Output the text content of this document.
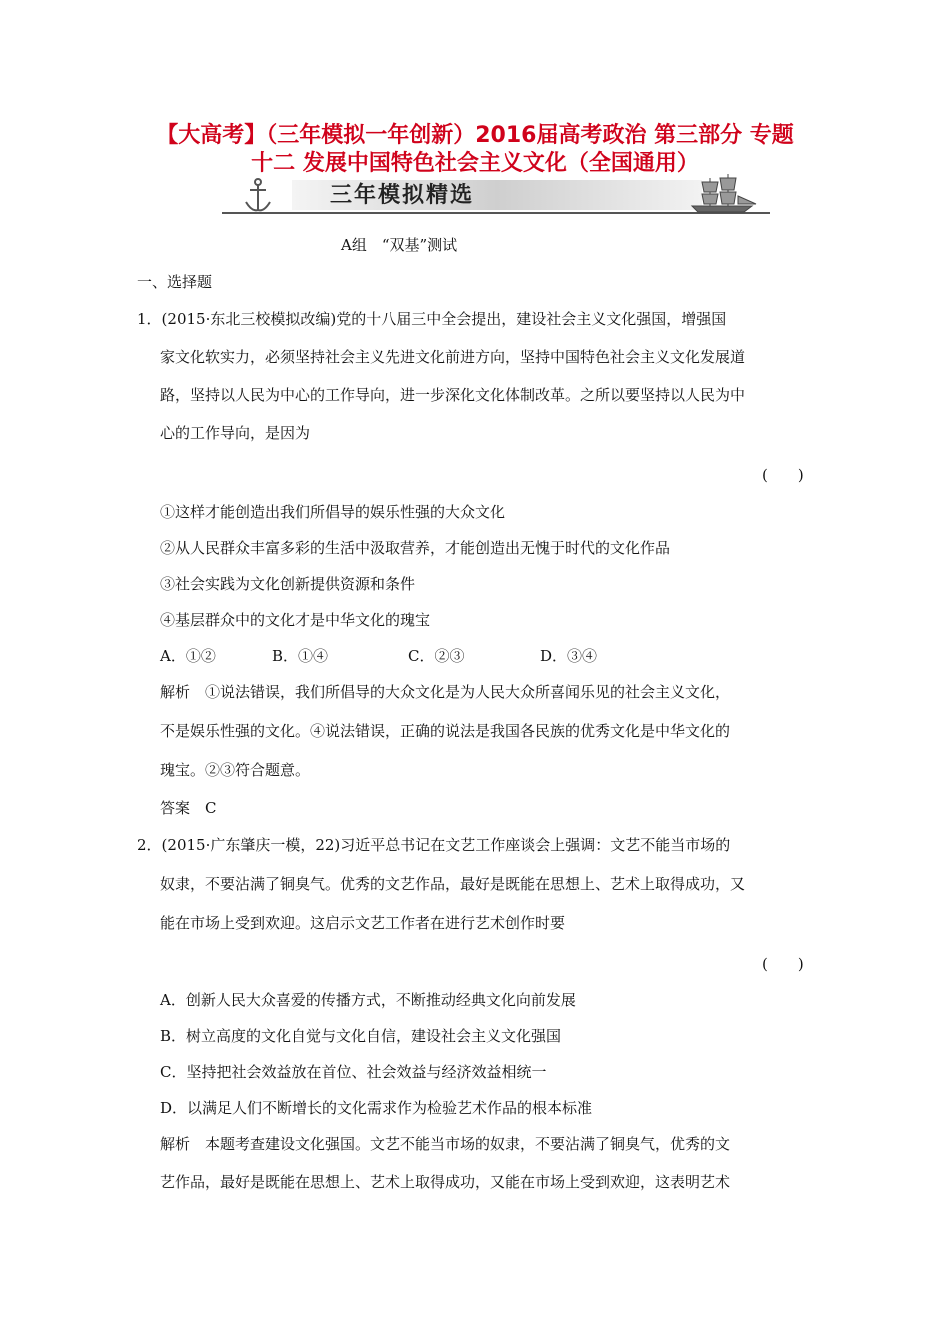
【大高考】（三年模拟一年创新）2016届高考政治 第三部分 专题
十二 发展中国特色社会主义文化（全国通用）
三年模拟精选
A组　“双基”测试
一、选择题
1．(2015·东北三校模拟改编)党的十八届三中全会提出，建设社会主义文化强国，增强国
家文化软实力，必须坚持社会主义先进文化前进方向，坚持中国特色社会主义文化发展道
路，坚持以人民为中心的工作导向，进一步深化文化体制改革。之所以要坚持以人民为中
心的工作导向，是因为
(　　)
①这样才能创造出我们所倡导的娱乐性强的大众文化
②从人民群众丰富多彩的生活中汲取营养，才能创造出无愧于时代的文化作品
③社会实践为文化创新提供资源和条件
④基层群众中的文化才是中华文化的瑰宝
A．①②	B．①④	C．②③	D．③④
解析　①说法错误，我们所倡导的大众文化是为人民大众所喜闻乐见的社会主义文化，
不是娱乐性强的文化。④说法错误，正确的说法是我国各民族的优秀文化是中华文化的
瑰宝。②③符合题意。
答案　C
2．(2015·广东肇庆一模，22)习近平总书记在文艺工作座谈会上强调：文艺不能当市场的
奴隶，不要沾满了铜臭气。优秀的文艺作品，最好是既能在思想上、艺术上取得成功，又
能在市场上受到欢迎。这启示文艺工作者在进行艺术创作时要
(　　)
A．创新人民大众喜爱的传播方式，不断推动经典文化向前发展
B．树立高度的文化自觉与文化自信，建设社会主义文化强国
C．坚持把社会效益放在首位、社会效益与经济效益相统一
D．以满足人们不断增长的文化需求作为检验艺术作品的根本标准
解析　本题考查建设文化强国。文艺不能当市场的奴隶，不要沾满了铜臭气，优秀的文
艺作品，最好是既能在思想上、艺术上取得成功，又能在市场上受到欢迎，这表明艺术
